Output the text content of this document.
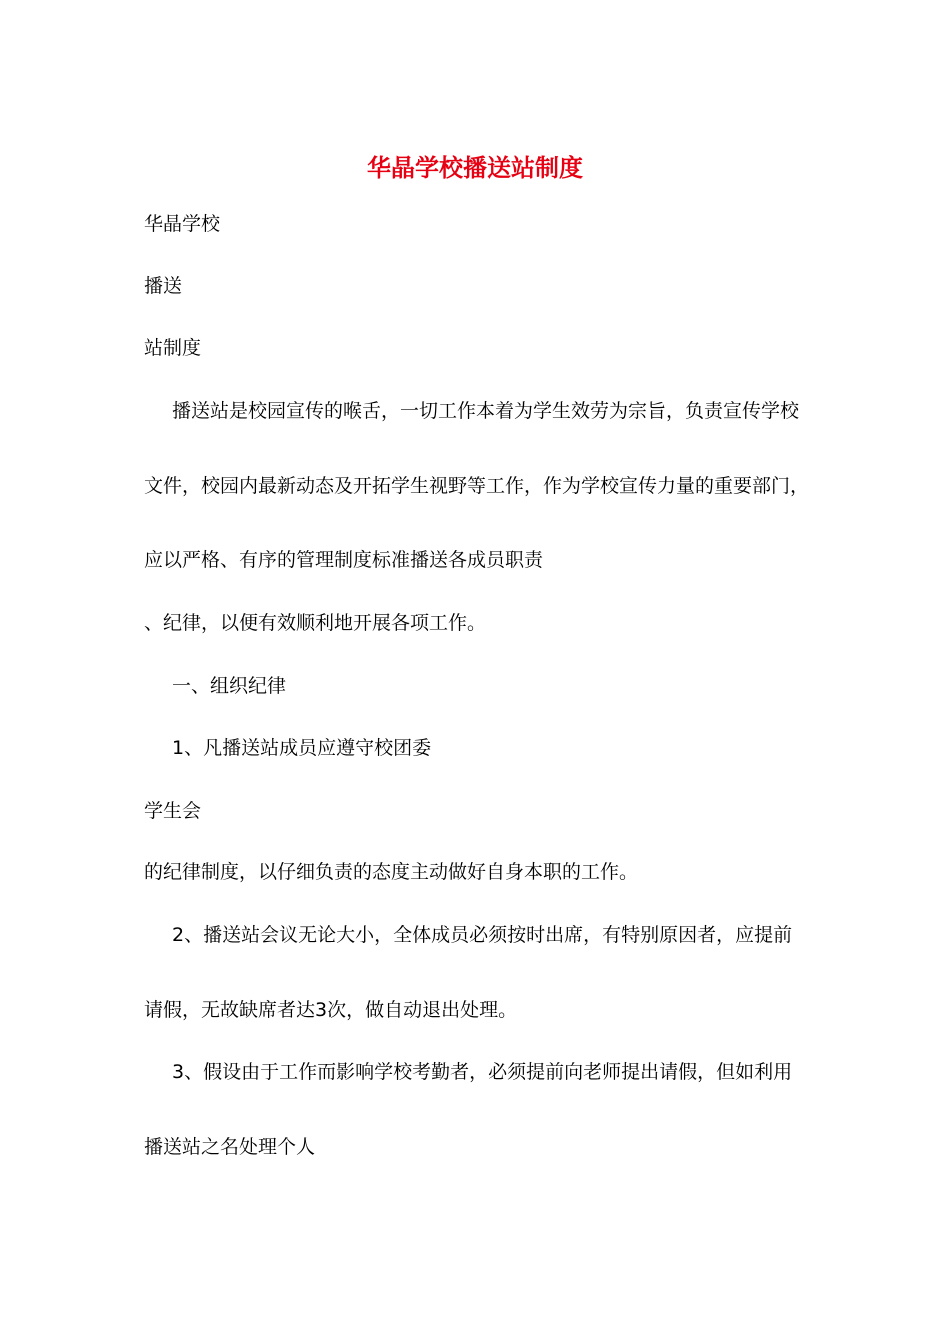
华晶学校播送站制度
华晶学校
播送
站制度
播送站是校园宣传的喉舌，一切工作本着为学生效劳为宗旨，负责宣传学校
文件，校园内最新动态及开拓学生视野等工作，作为学校宣传力量的重要部门，
应以严格、有序的管理制度标准播送各成员职责
、纪律，以便有效顺利地开展各项工作。
一、组织纪律
1、凡播送站成员应遵守校团委
学生会
的纪律制度，以仔细负责的态度主动做好自身本职的工作。
2、播送站会议无论大小，全体成员必须按时出席，有特别原因者，应提前
请假，无故缺席者达3次，做自动退出处理。
3、假设由于工作而影响学校考勤者，必须提前向老师提出请假，但如利用
播送站之名处理个人
